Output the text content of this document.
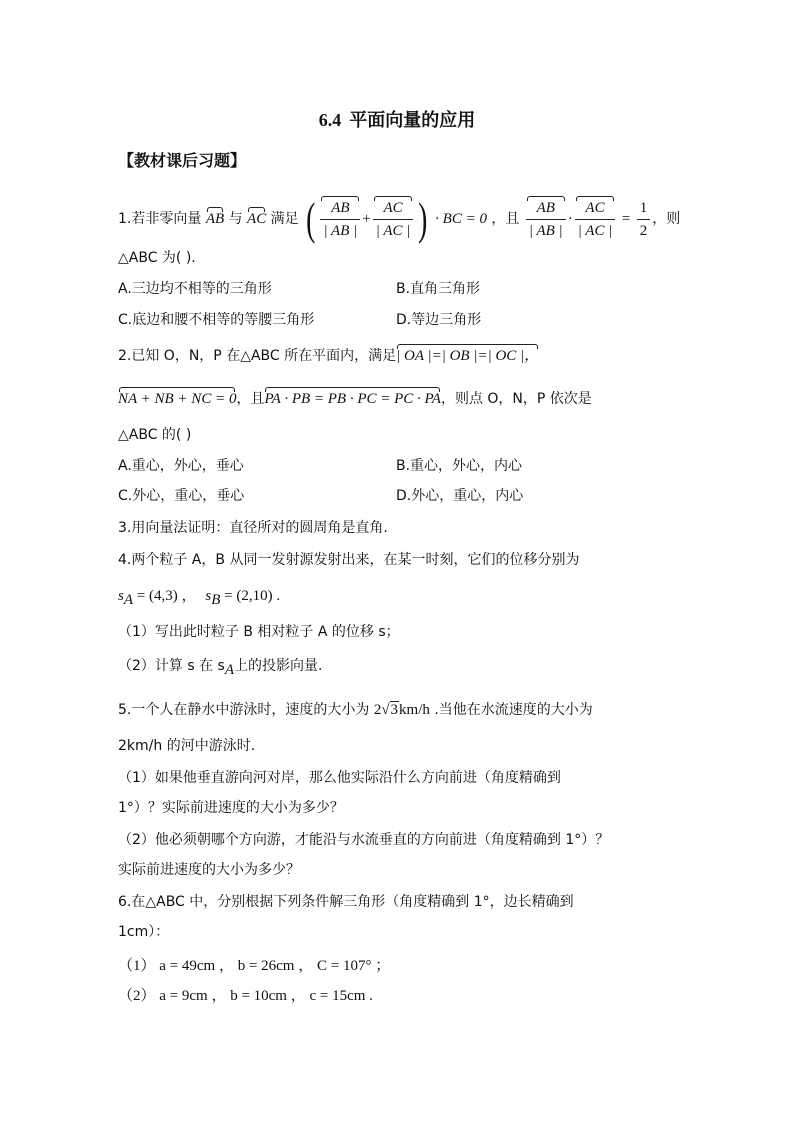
6.4 平面向量的应用
【教材课后习题】
1.若非零向量 AB 与 AC 满足 ( $\frac{AB}{| AB |} + \frac{AC}{| AC |}$ ) · BC = 0 ，且 $\frac{AB}{| AB |} \cdot \frac{AC}{| AC |} = \frac{1}{2}$ ，则
△ABC 为( ).
A.三边均不相等的三角形	B.直角三角形
C.底边和腰不相等的等腰三角形	D.等边三角形
2.已知 O，N，P 在△ABC 所在平面内，满足| OA |=| OB |=| OC |，
NA + NB + NC = 0，且PA · PB = PB · PC = PC · PA，则点 O，N，P 依次是
△ABC 的( )
A.重心，外心，垂心	B.重心，外心，内心
C.外心，重心，垂心	D.外心，重心，内心
3.用向量法证明：直径所对的圆周角是直角.
4.两个粒子 A，B 从同一发射源发射出来，在某一时刻，它们的位移分别为
$s_A = (4,3)$ ， $s_B = (2,10)$ .
（1）写出此时粒子 B 相对粒子 A 的位移 s；
（2）计算 s 在 $s_A$上的投影向量.
5.一个人在静水中游泳时，速度的大小为 2√3km/h .当他在水流速度的大小为
2km/h 的河中游泳时.
（1）如果他垂直游向河对岸，那么他实际沿什么方向前进（角度精确到
1°）？实际前进速度的大小为多少？
（2）他必须朝哪个方向游，才能沿与水流垂直的方向前进（角度精确到 1°）？
实际前进速度的大小为多少？
6.在△ABC 中，分别根据下列条件解三角形（角度精确到 1°，边长精确到
1cm）：
（1） a = 49cm ， b = 26cm ， C = 107° ；
（2） a = 9cm ， b = 10cm ， c = 15cm .
